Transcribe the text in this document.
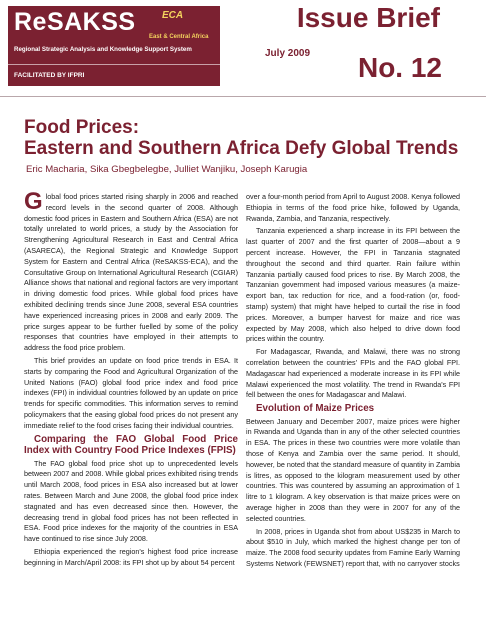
ReSAKSS	ECA
East & Central Africa
Regional Strategic Analysis and Knowledge Support System
FACILITATED BY IFPRI
Issue Brief
July 2009 No. 12

Food Prices:

Eastern and Southern Africa Defy Global Trends

Eric Macharia, Sika Gbegbelegbe, Julliet Wanjiku, Joseph Karugia

Global food prices started rising sharply in 2006 and reached record levels in the second quarter of 2008. Although domestic food prices in Eastern and Southern Africa (ESA) are not totally unrelated to world prices, a study by the Association for Strengthening Agricultural Research in East and Central Africa (ASARECA), the Regional Strategic and Knowledge Support System for Eastern and Central Africa (ReSAKSS-ECA), and the Consultative Group on International Agricultural Research (CGIAR) Alliance shows that national and regional factors are very important in driving domestic food prices. While global food prices have exhibited declining trends since June 2008, several ESA countries have experienced increasing prices in 2008 and early 2009. The price surges appear to be further fuelled by some of the policy responses that countries have employed in their attempts to address the food price problem.

This brief provides an update on food price trends in ESA. It starts by comparing the Food and Agricultural Organization of the United Nations (FAO) global food price index and food price indexes (FPI) in individual countries followed by an update on price trends for specific commodities. This information serves to remind policymakers that the easing global food prices do not present any immediate relief to the food crises facing their individual countries.

Comparing the FAO Global Food Price Index with Country Food Price Indexes (FPIS)

The FAO global food price shot up to unprecedented levels between 2007 and 2008. While global prices exhibited rising trends until March 2008, food prices in ESA also increased but at lower rates. Between March and June 2008, the global food price index stagnated and has even decreased since then. However, the decreasing trend in global food prices has not been reflected in ESA. Food price indexes for the majority of the countries in ESA have continued to rise since July 2008.

Ethiopia experienced the region's highest food price increase beginning in March/April 2008: its FPI shot up by about 54 percent

over a four-month period from April to August 2008. Kenya followed Ethiopia in terms of the food price hike, followed by Uganda, Rwanda, Zambia, and Tanzania, respectively.

Tanzania experienced a sharp increase in its FPI between the last quarter of 2007 and the first quarter of 2008—about a 9 percent increase. However, the FPI in Tanzania stagnated throughout the second and third quarter. Rain failure within Tanzania partially caused food prices to rise. By March 2008, the Tanzanian government had imposed various measures (a maize-export ban, tax reduction for rice, and a food-ration (or, food-stamp) system) that might have helped to curtail the rise in food prices. Moreover, a bumper harvest for maize and rice was expected by May 2008, which also helped to drive down food prices within the country.

For Madagascar, Rwanda, and Malawi, there was no strong correlation between the countries' FPIs and the FAO global FPI. Madagascar had experienced a moderate increase in its FPI while Malawi experienced the most volatility. The trend in Rwanda's FPI fell between the ones for Madagascar and Malawi.

Evolution of Maize Prices

Between January and December 2007, maize prices were higher in Rwanda and Uganda than in any of the other selected countries in ESA. The prices in these two countries were more volatile than those of Kenya and Zambia over the same period. It should, however, be noted that the standard measure of quantity in Zambia is litres, as opposed to the kilogram measurement used by other countries. This was countered by assuming an approximation of 1 litre to 1 kilogram. A key observation is that maize prices were on average higher in 2008 than they were in 2007 for any of the selected countries.

In 2008, prices in Uganda shot from about US$235 in March to about $510 in July, which marked the highest change per ton of maize. The 2008 food security updates from Famine Early Warning Systems Network (FEWSNET) report that, with no carryover stocks
